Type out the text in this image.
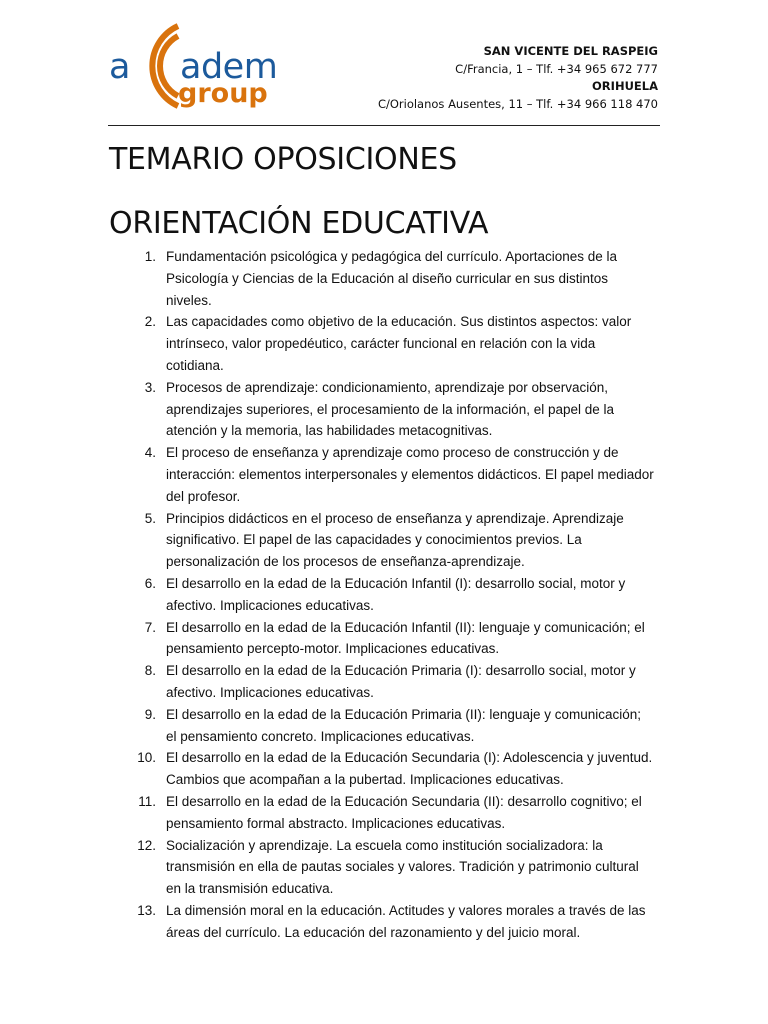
a adem
group
SAN VICENTE DEL RASPEIG
C/Francia, 1 – Tlf. +34 965 672 777
ORIHUELA
C/Oriolanos Ausentes, 11 – Tlf. +34 966 118 470
TEMARIO OPOSICIONES ORIENTACIÓN EDUCATIVA
1. Fundamentación psicológica y pedagógica del currículo. Aportaciones de la Psicología y Ciencias de la Educación al diseño curricular en sus distintos niveles.
2. Las capacidades como objetivo de la educación. Sus distintos aspectos: valor intrínseco, valor propedéutico, carácter funcional en relación con la vida cotidiana.
3. Procesos de aprendizaje: condicionamiento, aprendizaje por observación, aprendizajes superiores, el procesamiento de la información, el papel de la atención y la memoria, las habilidades metacognitivas.
4. El proceso de enseñanza y aprendizaje como proceso de construcción y de interacción: elementos interpersonales y elementos didácticos. El papel mediador del profesor.
5. Principios didácticos en el proceso de enseñanza y aprendizaje. Aprendizaje significativo. El papel de las capacidades y conocimientos previos. La personalización de los procesos de enseñanza-aprendizaje.
6. El desarrollo en la edad de la Educación Infantil (I): desarrollo social, motor y afectivo. Implicaciones educativas.
7. El desarrollo en la edad de la Educación Infantil (II): lenguaje y comunicación; el pensamiento percepto-motor. Implicaciones educativas.
8. El desarrollo en la edad de la Educación Primaria (I): desarrollo social, motor y afectivo. Implicaciones educativas.
9. El desarrollo en la edad de la Educación Primaria (II): lenguaje y comunicación; el pensamiento concreto. Implicaciones educativas.
10. El desarrollo en la edad de la Educación Secundaria (I): Adolescencia y juventud. Cambios que acompañan a la pubertad. Implicaciones educativas.
11. El desarrollo en la edad de la Educación Secundaria (II): desarrollo cognitivo; el pensamiento formal abstracto. Implicaciones educativas.
12. Socialización y aprendizaje. La escuela como institución socializadora: la transmisión en ella de pautas sociales y valores. Tradición y patrimonio cultural en la transmisión educativa.
13. La dimensión moral en la educación. Actitudes y valores morales a través de las áreas del currículo. La educación del razonamiento y del juicio moral.
